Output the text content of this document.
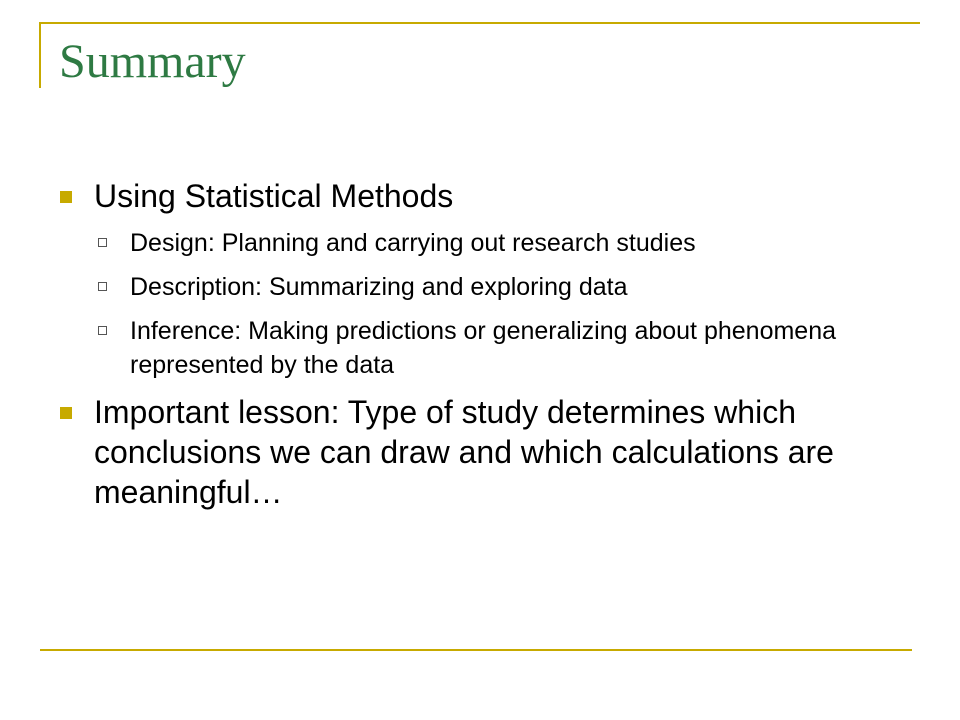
Summary
Using Statistical Methods
Design: Planning and carrying out research studies
Description: Summarizing and exploring data
Inference: Making predictions or generalizing about phenomena represented by the data
Important lesson: Type of study determines which conclusions we can draw and which calculations are meaningful…
